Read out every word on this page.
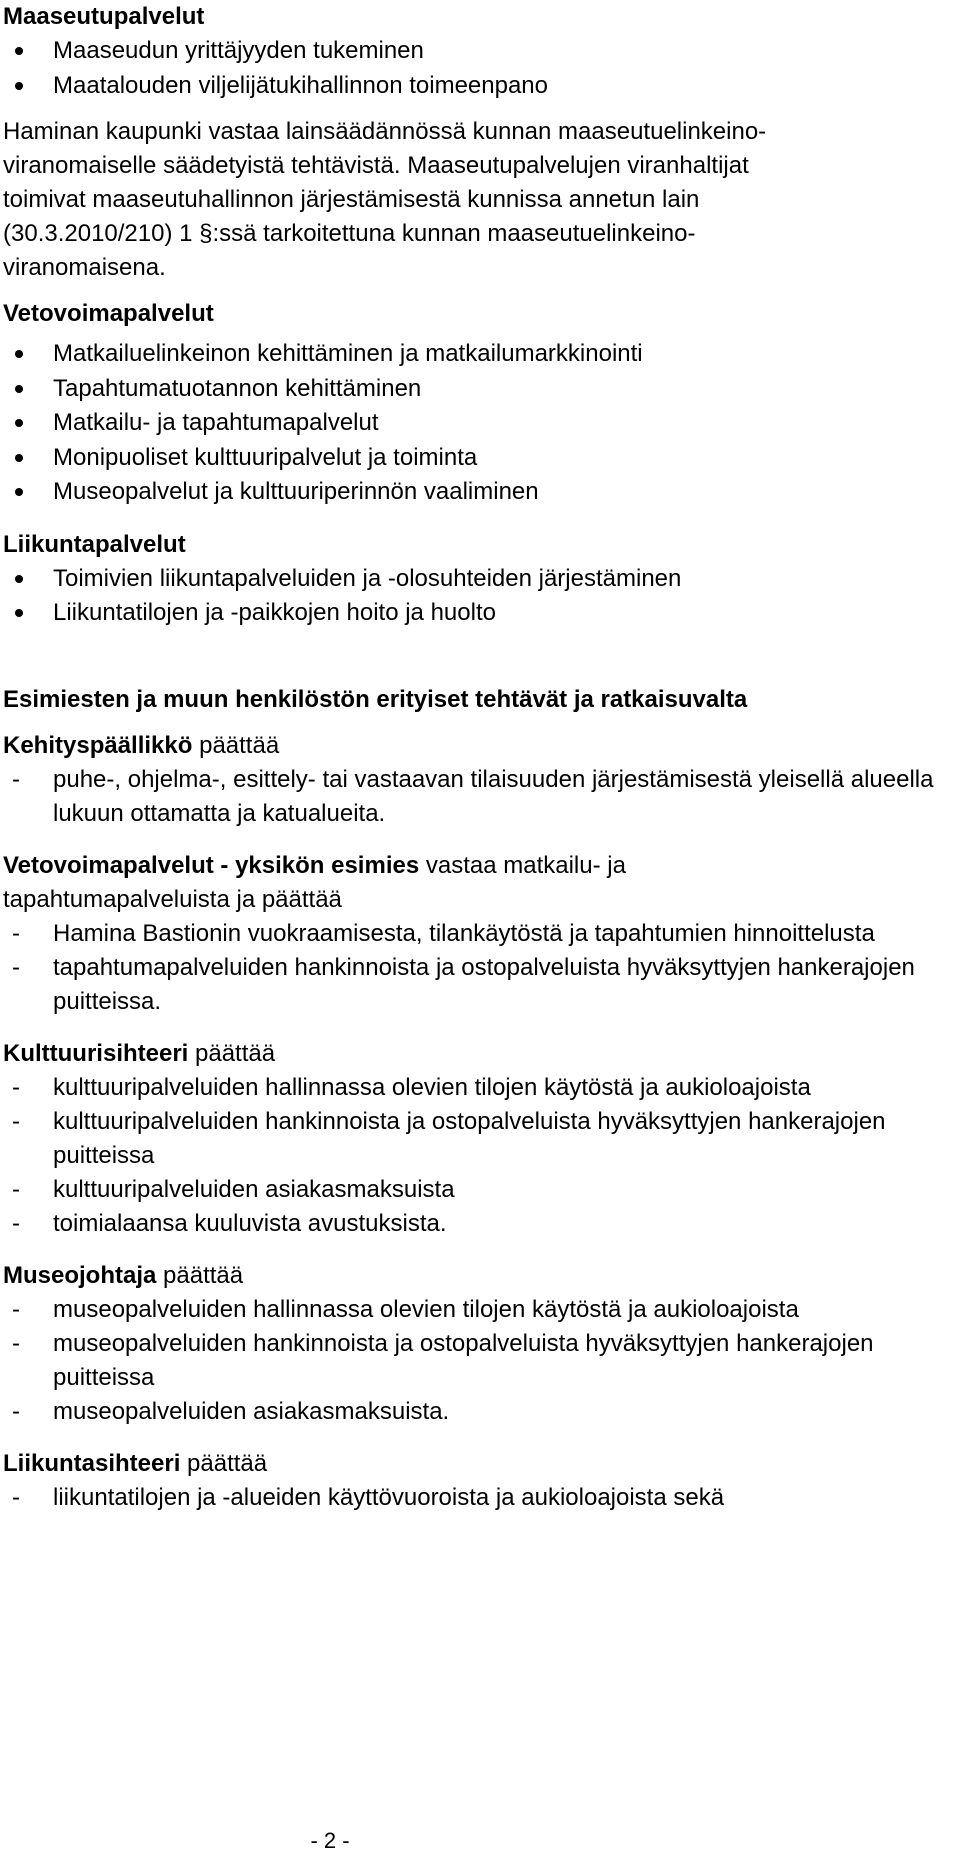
Maaseutupalvelut

Maaseudun yrittäjyyden tukeminen
Maatalouden viljelijätukihallinnon toimeenpano

Haminan kaupunki vastaa lainsäädännössä kunnan maaseutuelinkeino-

viranomaiselle säädetyistä tehtävistä. Maaseutupalvelujen viranhaltijat

toimivat maaseutuhallinnon järjestämisestä kunnissa annetun lain

(30.3.2010/210) 1 §:ssä tarkoitettuna kunnan maaseutuelinkeino-

viranomaisena.

Vetovoimapalvelut

Matkailuelinkeinon kehittäminen ja matkailumarkkinointi
Tapahtumatuotannon kehittäminen
Matkailu- ja tapahtumapalvelut
Monipuoliset kulttuuripalvelut ja toiminta
Museopalvelut ja kulttuuriperinnön vaaliminen

Liikuntapalvelut

Toimivien liikuntapalveluiden ja -olosuhteiden järjestäminen
Liikuntatilojen ja -paikkojen hoito ja huolto

Esimiesten ja muun henkilöstön erityiset tehtävät ja ratkaisuvalta

Kehityspäällikkö päättää

- puhe-, ohjelma-, esittely- tai vastaavan tilaisuuden järjestämisestä yleisellä alueella lukuun ottamatta ja katualueita.

Vetovoimapalvelut - yksikön esimies vastaa matkailu- ja

tapahtumapalveluista ja päättää

- Hamina Bastionin vuokraamisesta, tilankäytöstä ja tapahtumien hinnoittelusta
- tapahtumapalveluiden hankinnoista ja ostopalveluista hyväksyttyjen hankerajojen puitteissa.

Kulttuurisihteeri päättää

- kulttuuripalveluiden hallinnassa olevien tilojen käytöstä ja aukioloajoista
- kulttuuripalveluiden hankinnoista ja ostopalveluista hyväksyttyjen hankerajojen puitteissa
- kulttuuripalveluiden asiakasmaksuista
- toimialaansa kuuluvista avustuksista.

Museojohtaja päättää

- museopalveluiden hallinnassa olevien tilojen käytöstä ja aukioloajoista
- museopalveluiden hankinnoista ja ostopalveluista hyväksyttyjen hankerajojen puitteissa
- museopalveluiden asiakasmaksuista.

Liikuntasihteeri päättää

- liikuntatilojen ja -alueiden käyttövuoroista ja aukioloajoista sekä
- 2 -
